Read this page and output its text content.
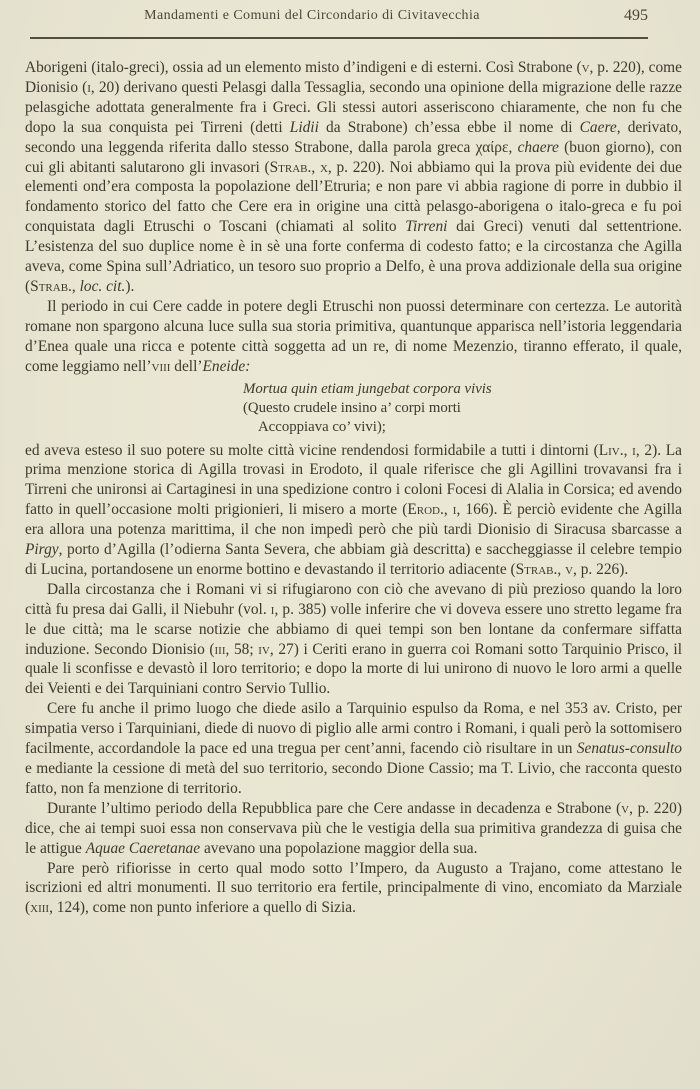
Mandamenti e Comuni del Circondario di Civitavecchia	495

Aborigeni (italo-greci), ossia ad un elemento misto d’indigeni e di esterni. Così Strabone (v, p. 220), come Dionisio (i, 20) derivano questi Pelasgi dalla Tessaglia, secondo una opinione della migrazione delle razze pelasgiche adottata generalmente fra i Greci. Gli stessi autori asseriscono chiaramente, che non fu che dopo la sua conquista pei Tirreni (detti Lidii da Strabone) ch’essa ebbe il nome di Caere, derivato, secondo una leggenda riferita dallo stesso Strabone, dalla parola greca χαίρε, chaere (buon giorno), con cui gli abitanti salutarono gli invasori (Strab., x, p. 220). Noi abbiamo qui la prova più evidente dei due elementi ond’era composta la popolazione dell’Etruria; e non pare vi abbia ragione di porre in dubbio il fondamento storico del fatto che Cere era in origine una città pelasgo-aborigena o italo-greca e fu poi conquistata dagli Etruschi o Toscani (chiamati al solito Tirreni dai Greci) venuti dal settentrione. L’esistenza del suo duplice nome è in sè una forte conferma di codesto fatto; e la circostanza che Agilla aveva, come Spina sull’Adriatico, un tesoro suo proprio a Delfo, è una prova addizionale della sua origine (Strab., loc. cit.).

Il periodo in cui Cere cadde in potere degli Etruschi non puossi determinare con certezza. Le autorità romane non spargono alcuna luce sulla sua storia primitiva, quantunque apparisca nell’istoria leggendaria d’Enea quale una ricca e potente città soggetta ad un re, di nome Mezenzio, tiranno efferato, il quale, come leggiamo nell’viii dell’Eneide:

Mortua quin etiam jungebat corpora vivis
(Questo crudele insino a’ corpi morti
Accoppiava co’ vivi);

ed aveva esteso il suo potere su molte città vicine rendendosi formidabile a tutti i dintorni (Liv., i, 2). La prima menzione storica di Agilla trovasi in Erodoto, il quale riferisce che gli Agillini trovavansi fra i Tirreni che unironsi ai Cartaginesi in una spedizione contro i coloni Focesi di Alalia in Corsica; ed avendo fatto in quell’occasione molti prigionieri, li misero a morte (Erod., i, 166). È perciò evidente che Agilla era allora una potenza marittima, il che non impedì però che più tardi Dionisio di Siracusa sbarcasse a Pirgy, porto d’Agilla (l’odierna Santa Severa, che abbiam già descritta) e saccheggiasse il celebre tempio di Lucina, portandosene un enorme bottino e devastando il territorio adiacente (Strab., v, p. 226).

Dalla circostanza che i Romani vi si rifugiarono con ciò che avevano di più prezioso quando la loro città fu presa dai Galli, il Niebuhr (vol. i, p. 385) volle inferire che vi doveva essere uno stretto legame fra le due città; ma le scarse notizie che abbiamo di quei tempi son ben lontane da confermare siffatta induzione. Secondo Dionisio (iii, 58; iv, 27) i Ceriti erano in guerra coi Romani sotto Tarquinio Prisco, il quale li sconfisse e devastò il loro territorio; e dopo la morte di lui unirono di nuovo le loro armi a quelle dei Veienti e dei Tarquiniani contro Servio Tullio.

Cere fu anche il primo luogo che diede asilo a Tarquinio espulso da Roma, e nel 353 av. Cristo, per simpatia verso i Tarquiniani, diede di nuovo di piglio alle armi contro i Romani, i quali però la sottomisero facilmente, accordandole la pace ed una tregua per cent’anni, facendo ciò risultare in un Senatus-consulto e mediante la cessione di metà del suo territorio, secondo Dione Cassio; ma T. Livio, che racconta questo fatto, non fa menzione di territorio.

Durante l’ultimo periodo della Repubblica pare che Cere andasse in decadenza e Strabone (v, p. 220) dice, che ai tempi suoi essa non conservava più che le vestigia della sua primitiva grandezza di guisa che le attigue Aquae Caeretanae avevano una popolazione maggior della sua.

Pare però rifiorisse in certo qual modo sotto l’Impero, da Augusto a Trajano, come attestano le iscrizioni ed altri monumenti. Il suo territorio era fertile, principalmente di vino, encomiato da Marziale (xiii, 124), come non punto inferiore a quello di Sizia.
